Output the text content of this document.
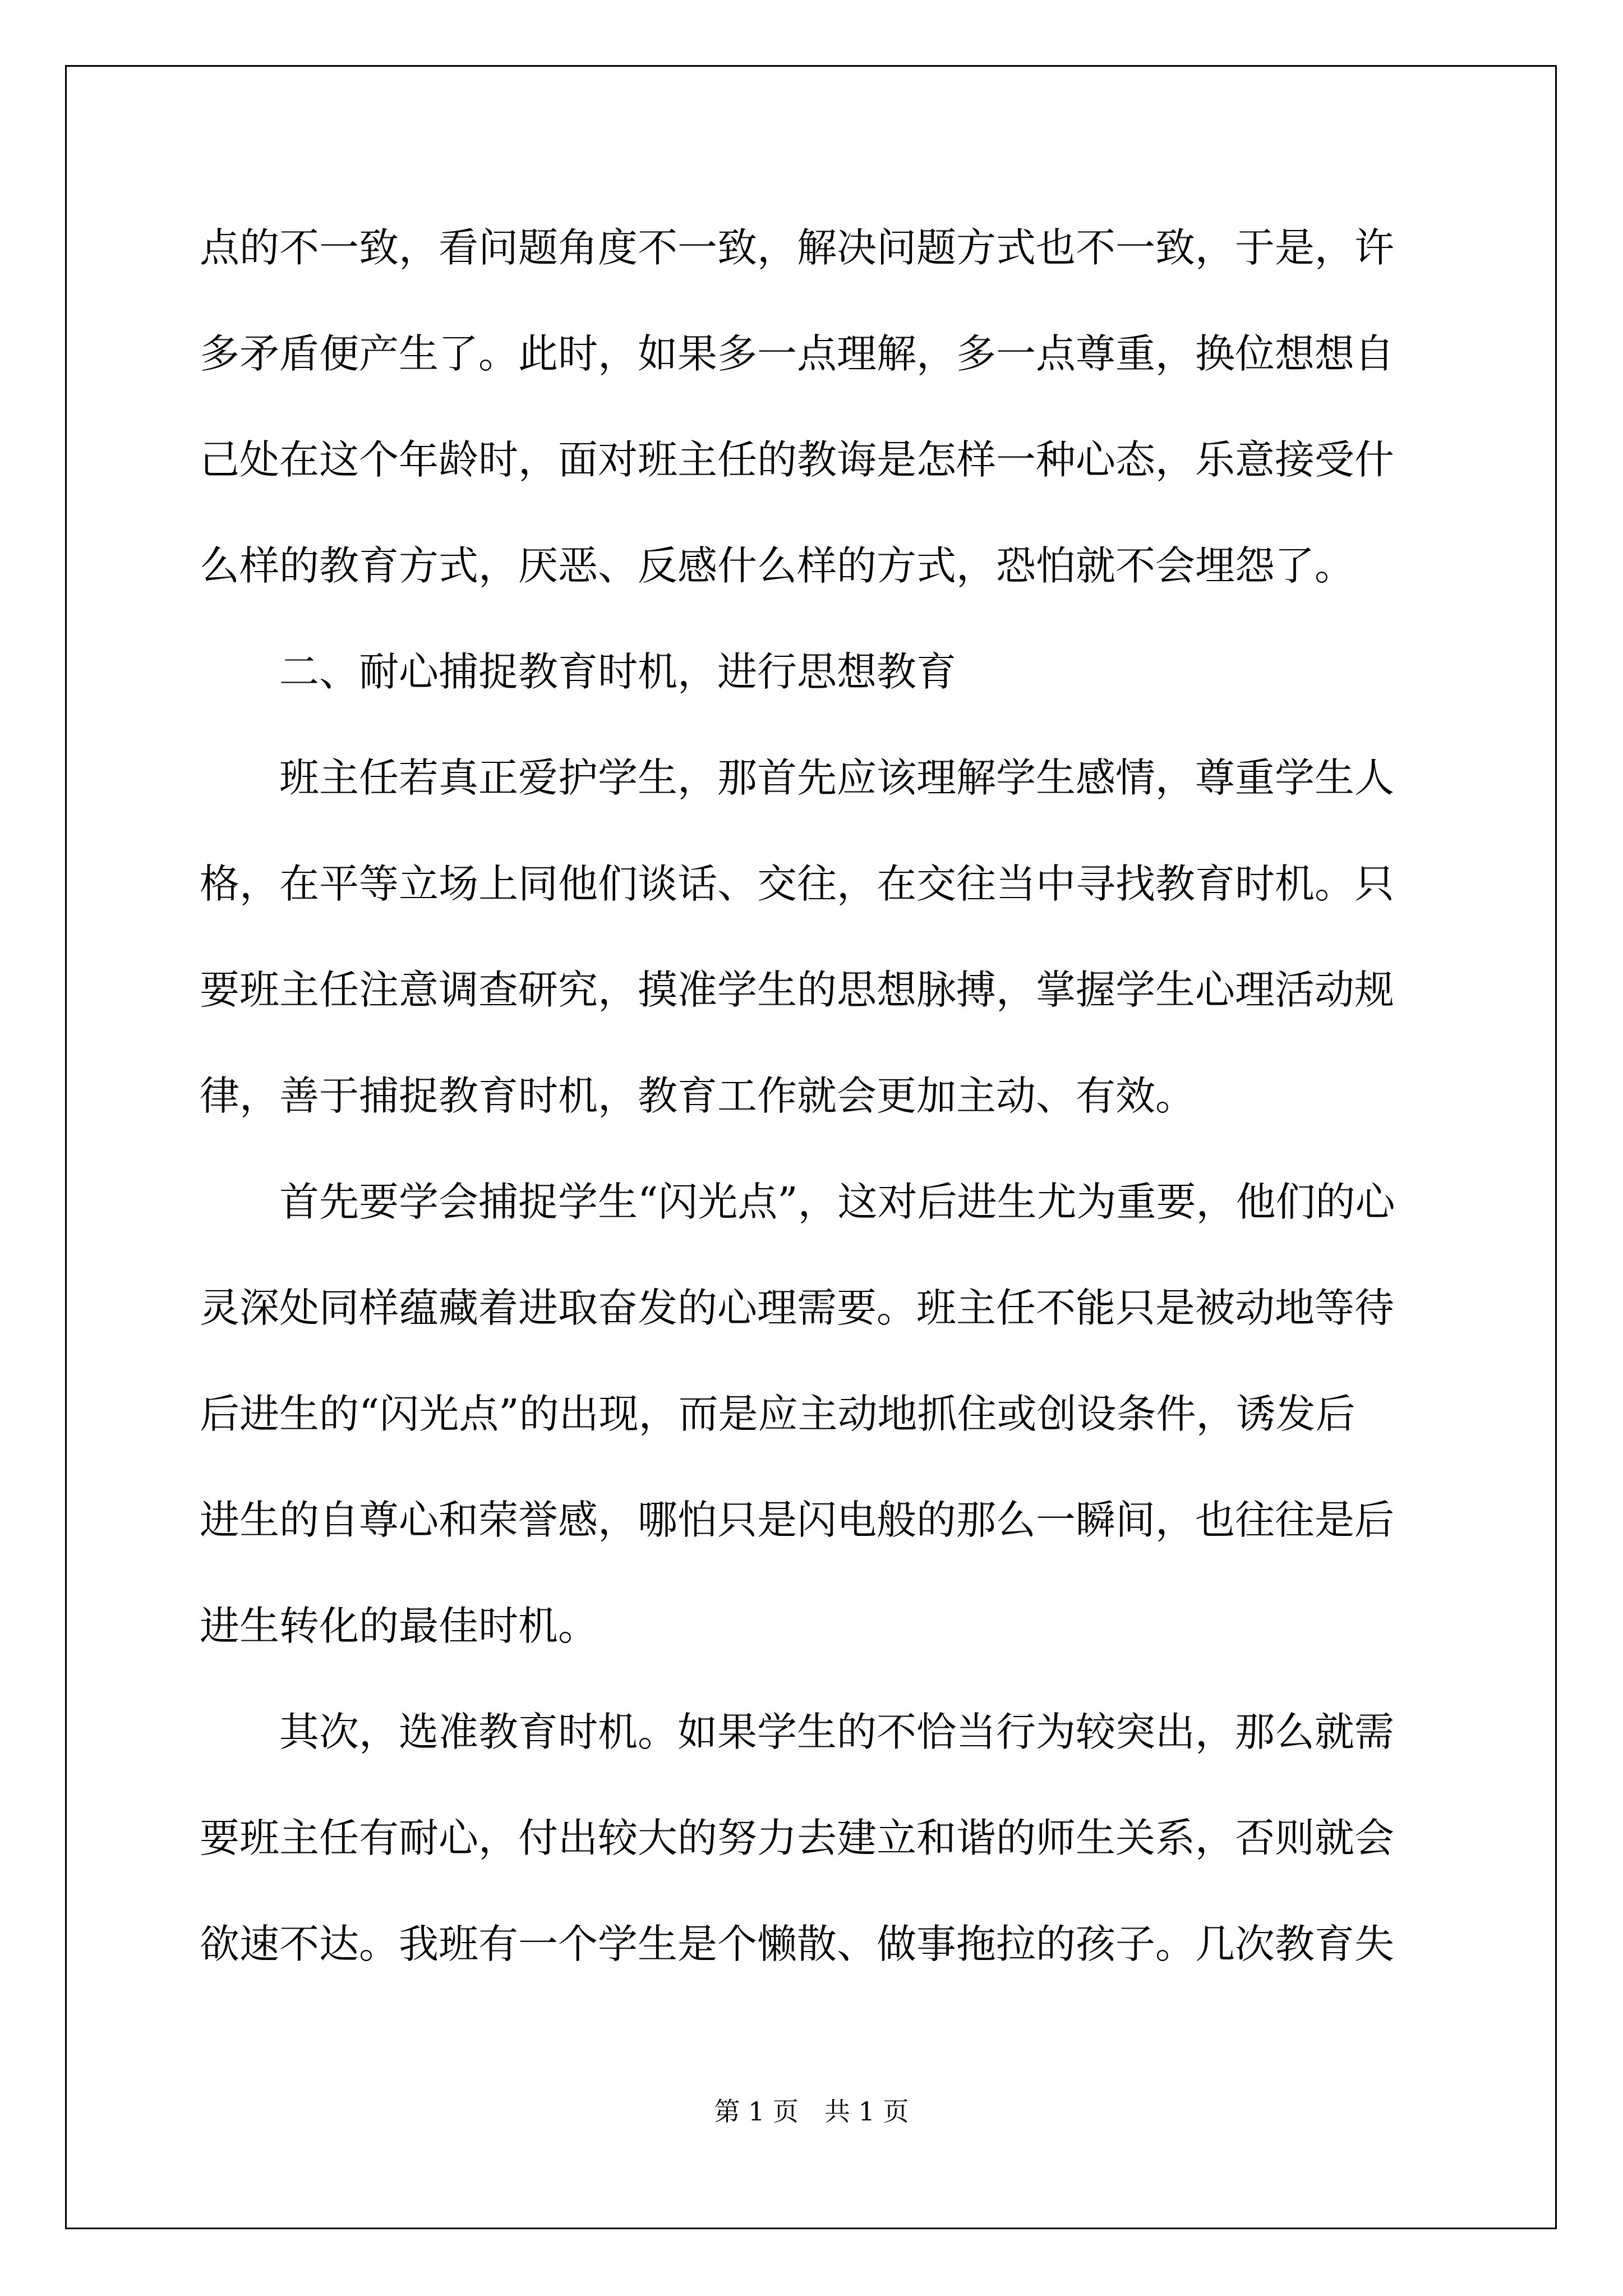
点的不一致，看问题角度不一致，解决问题方式也不一致，于是，许
多矛盾便产生了。此时，如果多一点理解，多一点尊重，换位想想自
己处在这个年龄时，面对班主任的教诲是怎样一种心态，乐意接受什
么样的教育方式，厌恶、反感什么样的方式，恐怕就不会埋怨了。
　　二、耐心捕捉教育时机，进行思想教育
　　班主任若真正爱护学生，那首先应该理解学生感情，尊重学生人
格，在平等立场上同他们谈话、交往，在交往当中寻找教育时机。只
要班主任注意调查研究，摸准学生的思想脉搏，掌握学生心理活动规
律，善于捕捉教育时机，教育工作就会更加主动、有效。
　　首先要学会捕捉学生“闪光点”，这对后进生尤为重要，他们的心
灵深处同样蕴藏着进取奋发的心理需要。班主任不能只是被动地等待
后进生的“闪光点”的出现，而是应主动地抓住或创设条件，诱发后
进生的自尊心和荣誉感，哪怕只是闪电般的那么一瞬间，也往往是后
进生转化的最佳时机。
　　其次，选准教育时机。如果学生的不恰当行为较突出，那么就需
要班主任有耐心，付出较大的努力去建立和谐的师生关系，否则就会
欲速不达。我班有一个学生是个懒散、做事拖拉的孩子。几次教育失
第 1 页　共 1 页
